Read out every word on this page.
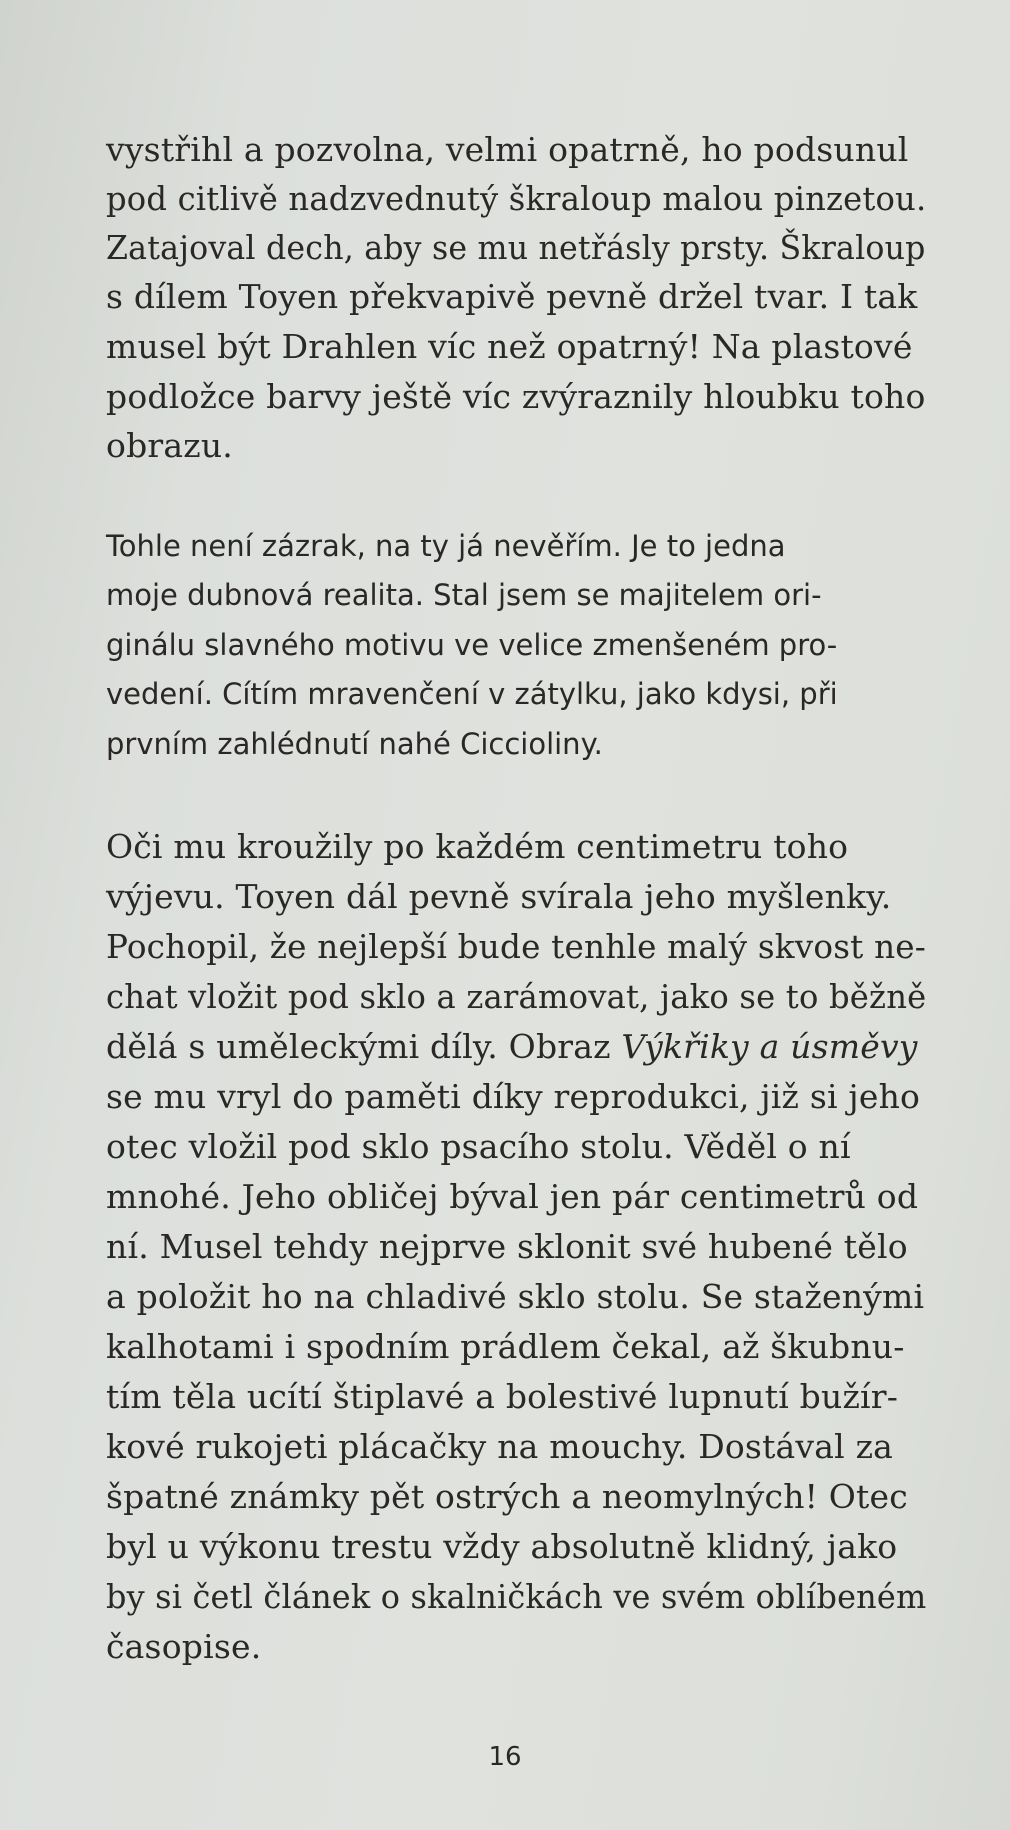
vystřihl a pozvolna, velmi opatrně, ho podsunul
pod citlivě nadzvednutý škraloup malou pinzetou.
Zatajoval dech, aby se mu netřásly prsty. Škraloup
s dílem Toyen překvapivě pevně držel tvar. I tak
musel být Drahlen víc než opatrný! Na plastové
podložce barvy ještě víc zvýraznily hloubku toho
obrazu.
Tohle není zázrak, na ty já nevěřím. Je to jedna
moje dubnová realita. Stal jsem se majitelem ori-
ginálu slavného motivu ve velice zmenšeném pro-
vedení. Cítím mravenčení v zátylku, jako kdysi, při
prvním zahlédnutí nahé Ciccioliny.
Oči mu kroužily po každém centimetru toho
výjevu. Toyen dál pevně svírala jeho myšlenky.
Pochopil, že nejlepší bude tenhle malý skvost ne-
chat vložit pod sklo a zarámovat, jako se to běžně
dělá s uměleckými díly. Obraz Výkřiky a úsměvy
se mu vryl do paměti díky reprodukci, již si jeho
otec vložil pod sklo psacího stolu. Věděl o ní
mnohé. Jeho obličej býval jen pár centimetrů od
ní. Musel tehdy nejprve sklonit své hubené tělo
a položit ho na chladivé sklo stolu. Se staženými
kalhotami i spodním prádlem čekal, až škubnu-
tím těla ucítí štiplavé a bolestivé lupnutí bužír-
kové rukojeti plácačky na mouchy. Dostával za
špatné známky pět ostrých a neomylných! Otec
byl u výkonu trestu vždy absolutně klidný, jako
by si četl článek o skalničkách ve svém oblíbeném
časopise.
16
